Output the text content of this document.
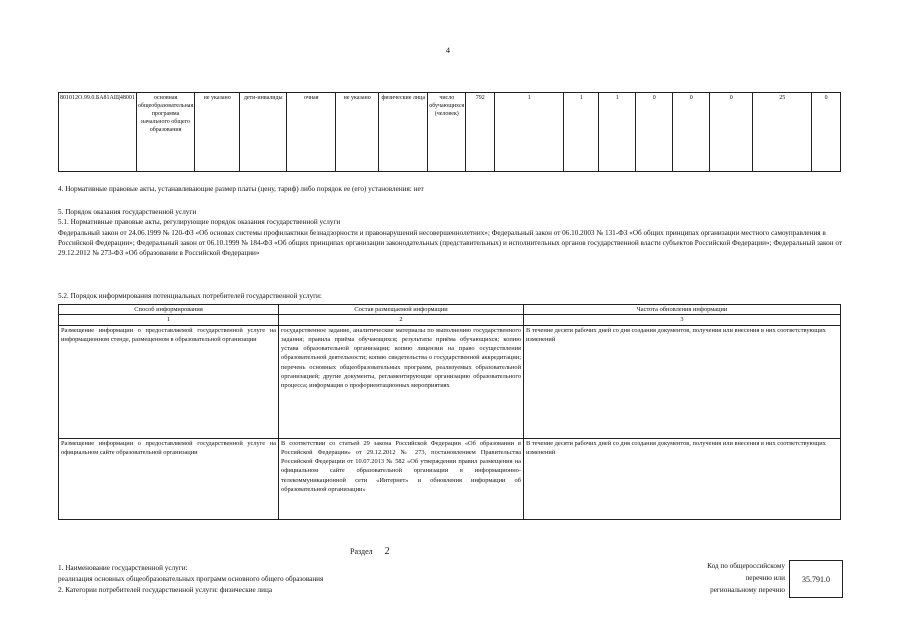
4
801012О.99.0.БА81АЩ48001	основная общеобразовательная программа начального общего образования	не указано	дети-инвалиды	очная	не указано	физические лица	число обучающихся (человек)	792	1	1	1	0	0	0	25	0
4. Нормативные правовые акты, устанавливающие размер платы (цену, тариф) либо порядок ее (его) установления: нет
5. Порядок оказания государственной услуги
5.1. Нормативные правовые акты, регулирующие порядок оказания государственной услуги
Федеральный закон от 24.06.1999 № 120-ФЗ «Об основах системы профилактики безнадзорности и правонарушений несовершеннолетних»; Федеральный закон от 06.10.2003 № 131-ФЗ «Об общих принципах организации местного самоуправления в Российской Федерации»; Федеральный закон от 06.10.1999 № 184-ФЗ «Об общих принципах организации законодательных (представительных) и исполнительных органов государственной власти субъектов Российской Федерации»; Федеральный закон от 29.12.2012 № 273-ФЗ «Об образовании в Российской Федерации»
5.2. Порядок информирования потенциальных потребителей государственной услуги:
Способ информирования	Состав размещаемой информации	Частота обновления информации
1	2	3
Размещение информации о предоставляемой государственной услуге на информационном стенде, размещенном в образовательной организации	государственное задание, аналитические материалы по выполнению государственного задания; правила приёма обучающихся; результаты приёма обучающихся; копию устава образовательной организации; копию лицензии на право осуществления образовательной деятельности; копию свидетельства о государственной аккредитации; перечень основных общеобразовательных программ, реализуемых образовательной организацией; другие документы, регламентирующие организацию образовательного процесса; информация о профориентационных мероприятиях	В течение десяти рабочих дней со дня создания документов, получения или внесения в них соответствующих изменений
Размещение информации о предоставляемой государственной услуге на официальном сайте образовательной организации	В соответствии со статьей 29 закона Российской Федерации «Об образовании в Российской Федерации» от 29.12.2012 № 273, постановлением Правительства Российской Федерации от 10.07.2013 № 582 «Об утверждении правил размещения на официальном сайте образовательной организации в информационно-телекоммуникационной сети «Интернет» и обновления информации об образовательной организации»	В течение десяти рабочих дней со дня создания документов, получения или внесения в них соответствующих изменений
Раздел 2
1. Наименование государственной услуги:
реализация основных общеобразовательных программ основного общего образования
2. Категории потребителей государственной услуги: физические лица
Код по общероссийскому
перечню или
региональному перечню
35.791.0
